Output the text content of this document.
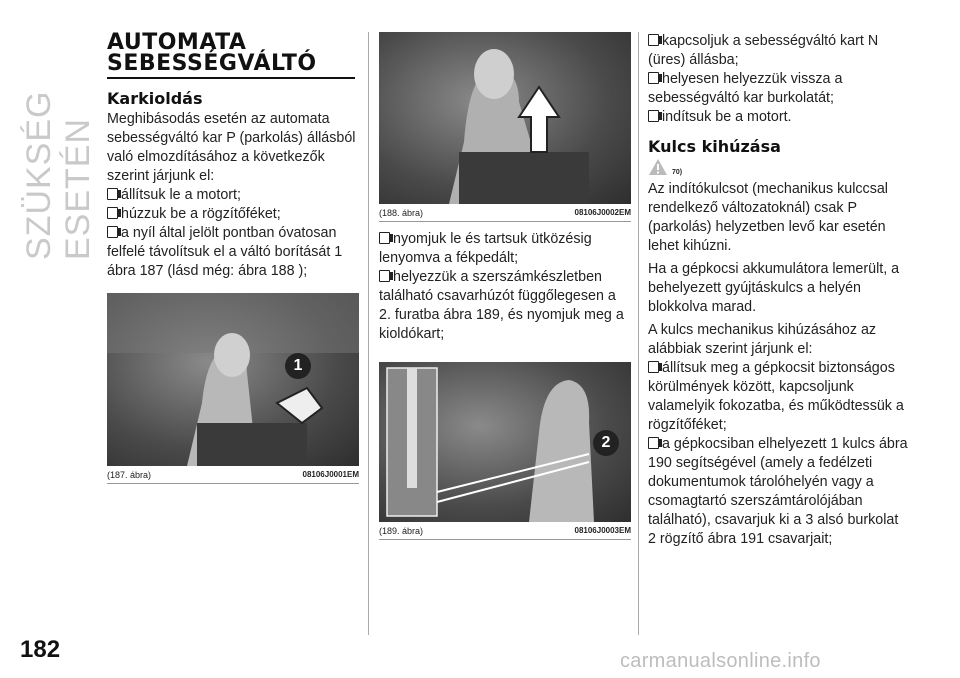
SZÜKSÉG ESETÉN
182
AUTOMATA
SEBESSÉGVÁLTÓ
Karkioldás

Meghibásodás esetén az automata sebességváltó kar P (parkolás) állásból való elmozdításához a következők szerint járjunk el:

állítsuk le a motort;

húzzuk be a rögzítőféket;

a nyíl által jelölt pontban óvatosan felfelé távolítsuk el a váltó borítását 1 ábra 187 (lásd még: ábra 188 );

1
(187. ábra)	08106J0001EM
(188. ábra)	08106J0002EM

nyomjuk le és tartsuk ütközésig lenyomva a fékpedált;

helyezzük a szerszámkészletben található csavarhúzót függőlegesen a 2. furatba ábra 189, és nyomjuk meg a kioldókart;

2
(189. ábra)	08106J0003EM

kapcsoljuk a sebességváltó kart N (üres) állásba;

helyesen helyezzük vissza a sebességváltó kar burkolatát;

indítsuk be a motort.

Kulcs kihúzása
70)

Az indítókulcsot (mechanikus kulccsal rendelkező változatoknál) csak P (parkolás) helyzetben levő kar esetén lehet kihúzni.

Ha a gépkocsi akkumulátora lemerült, a behelyezett gyújtáskulcs a helyén blokkolva marad.

A kulcs mechanikus kihúzásához az alábbiak szerint járjunk el:

állítsuk meg a gépkocsit biztonságos körülmények között, kapcsoljunk valamelyik fokozatba, és működtessük a rögzítőféket;

a gépkocsiban elhelyezett 1 kulcs ábra 190 segítségével (amely a fedélzeti dokumentumok tárolóhelyén vagy a csomagtartó szerszámtárolójában található), csavarjuk ki a 3 alsó burkolat 2 rögzítő ábra 191 csavarjait;

carmanualsonline.info
